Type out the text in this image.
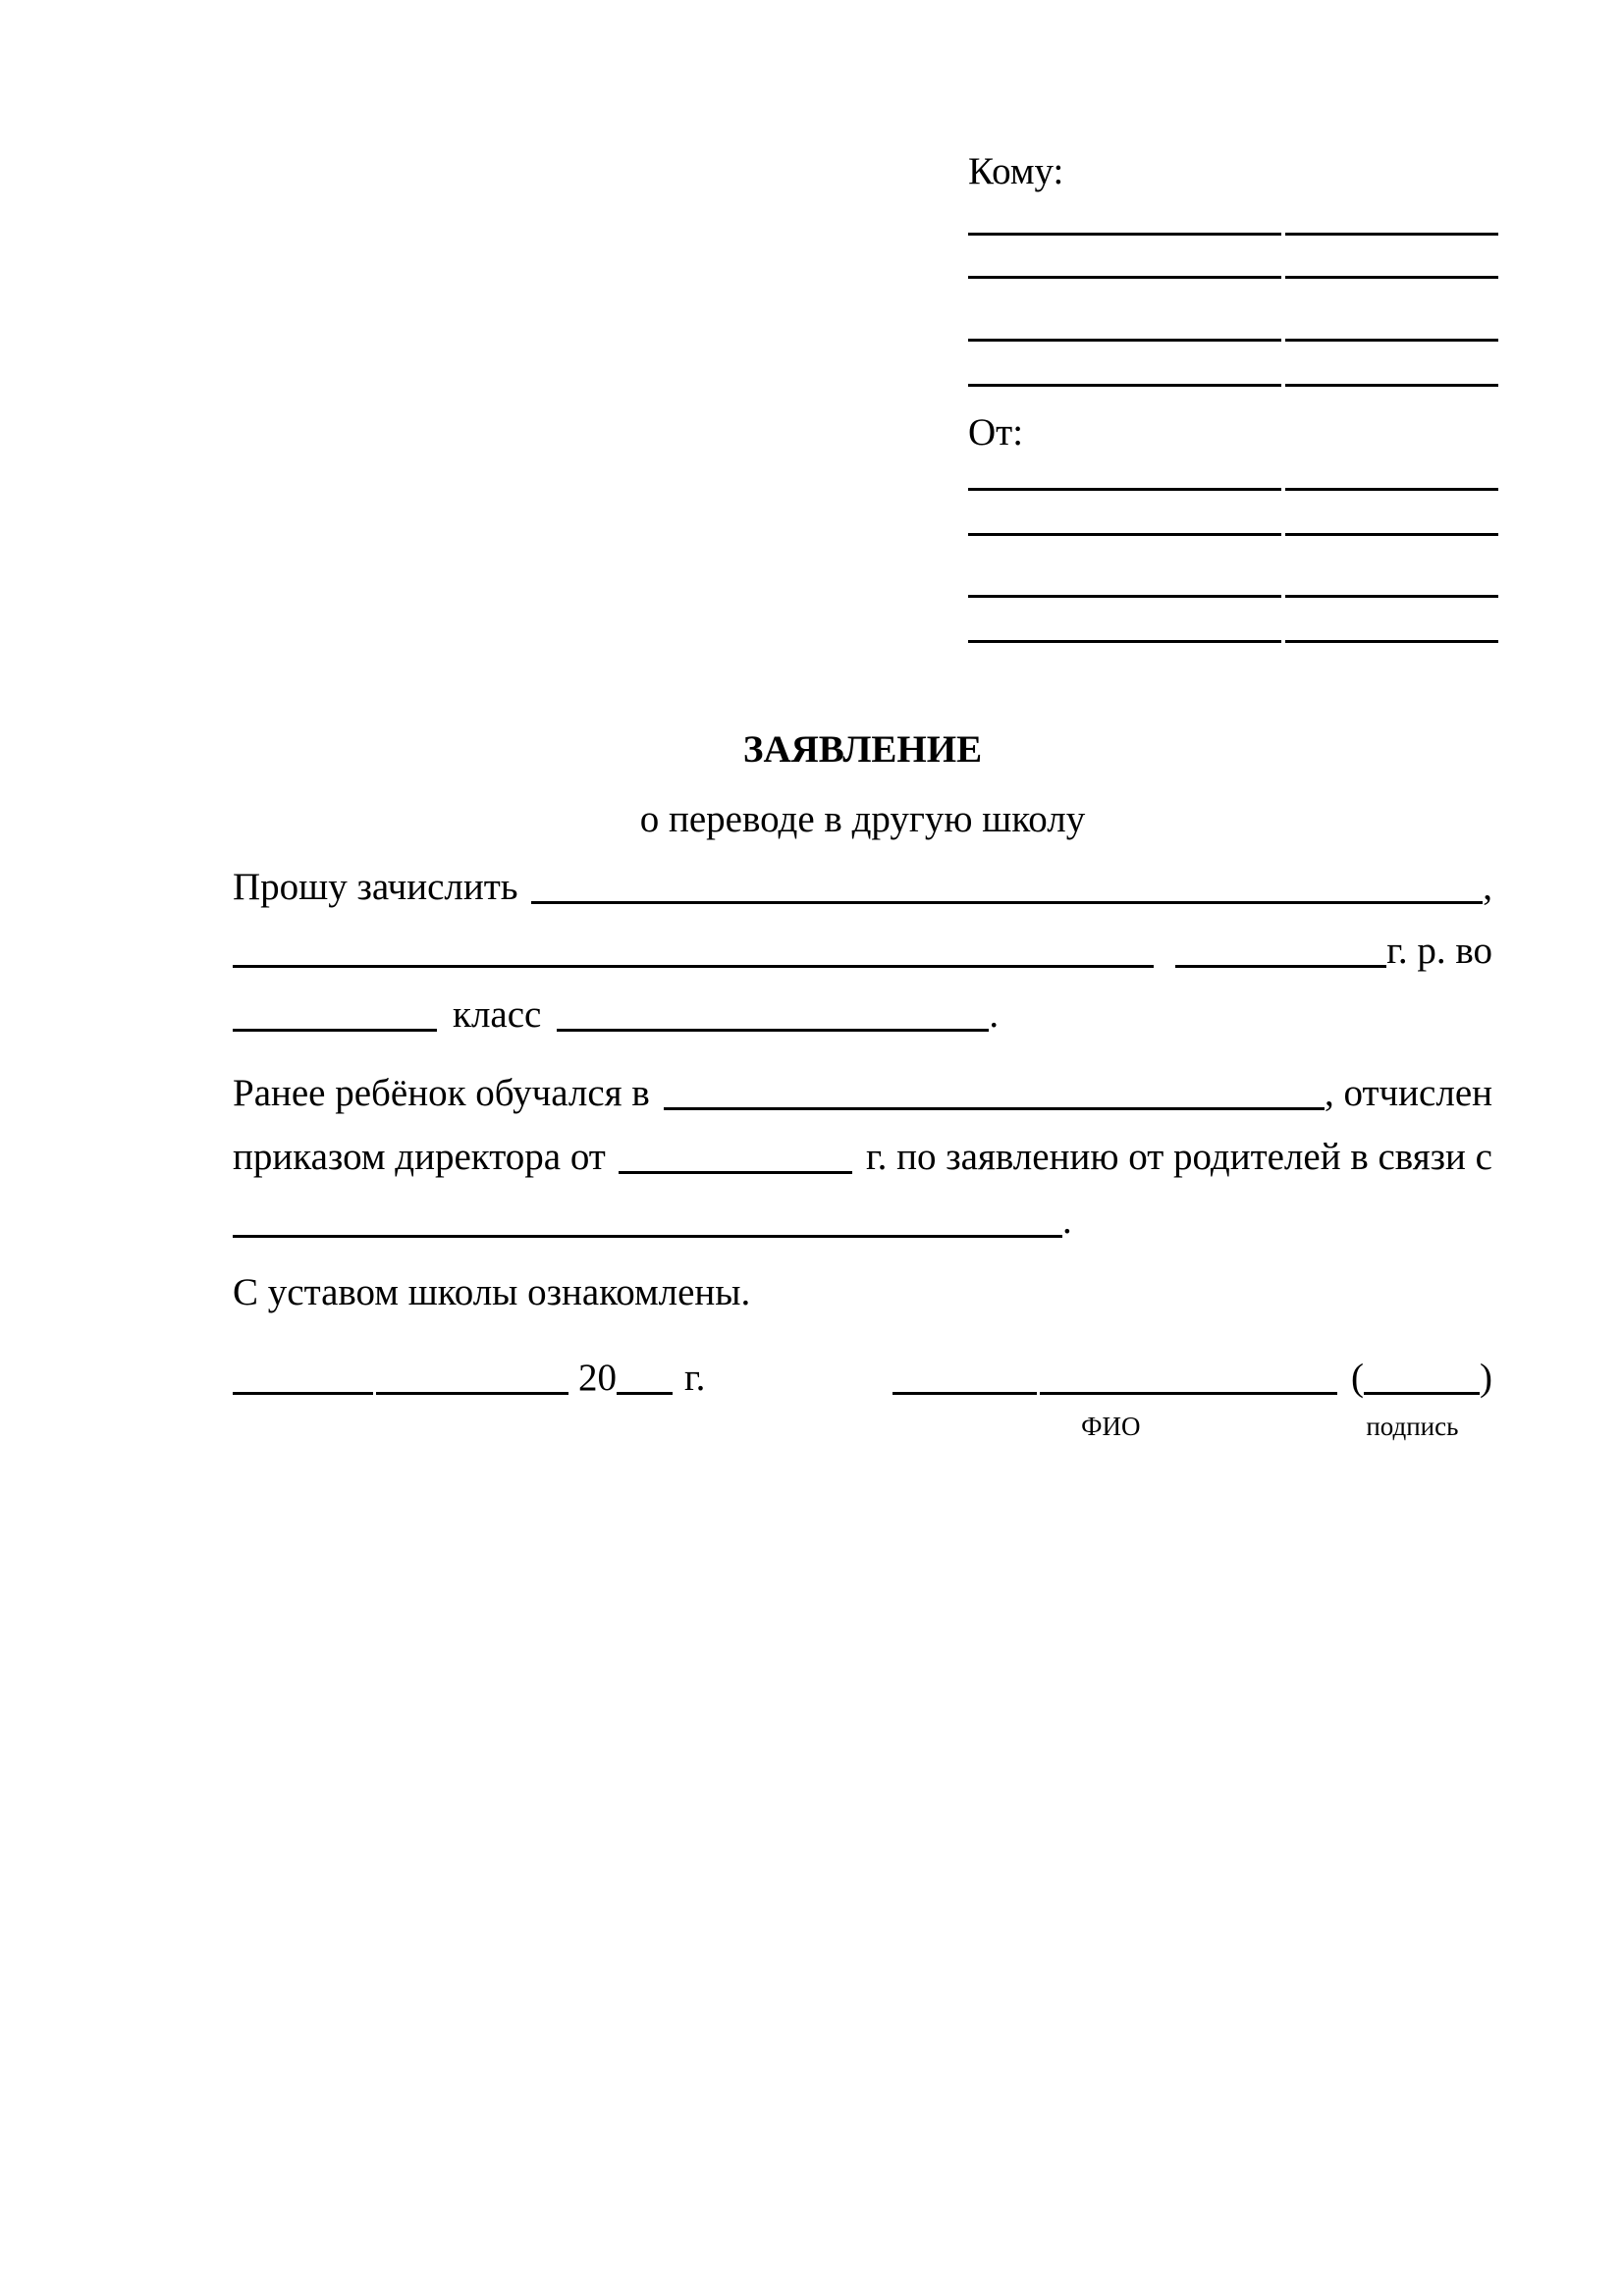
Кому:
От:
ЗАЯВЛЕНИЕ
о переводе в другую школу
Прошу зачислить	,
г. р. во
класс	.
Ранее ребёнок обучался в	, отчислен
приказом директора от	г. по заявлению от родителей в связи с
.
С уставом школы ознакомлены.
20 г.	(	)
ФИО	подпись
